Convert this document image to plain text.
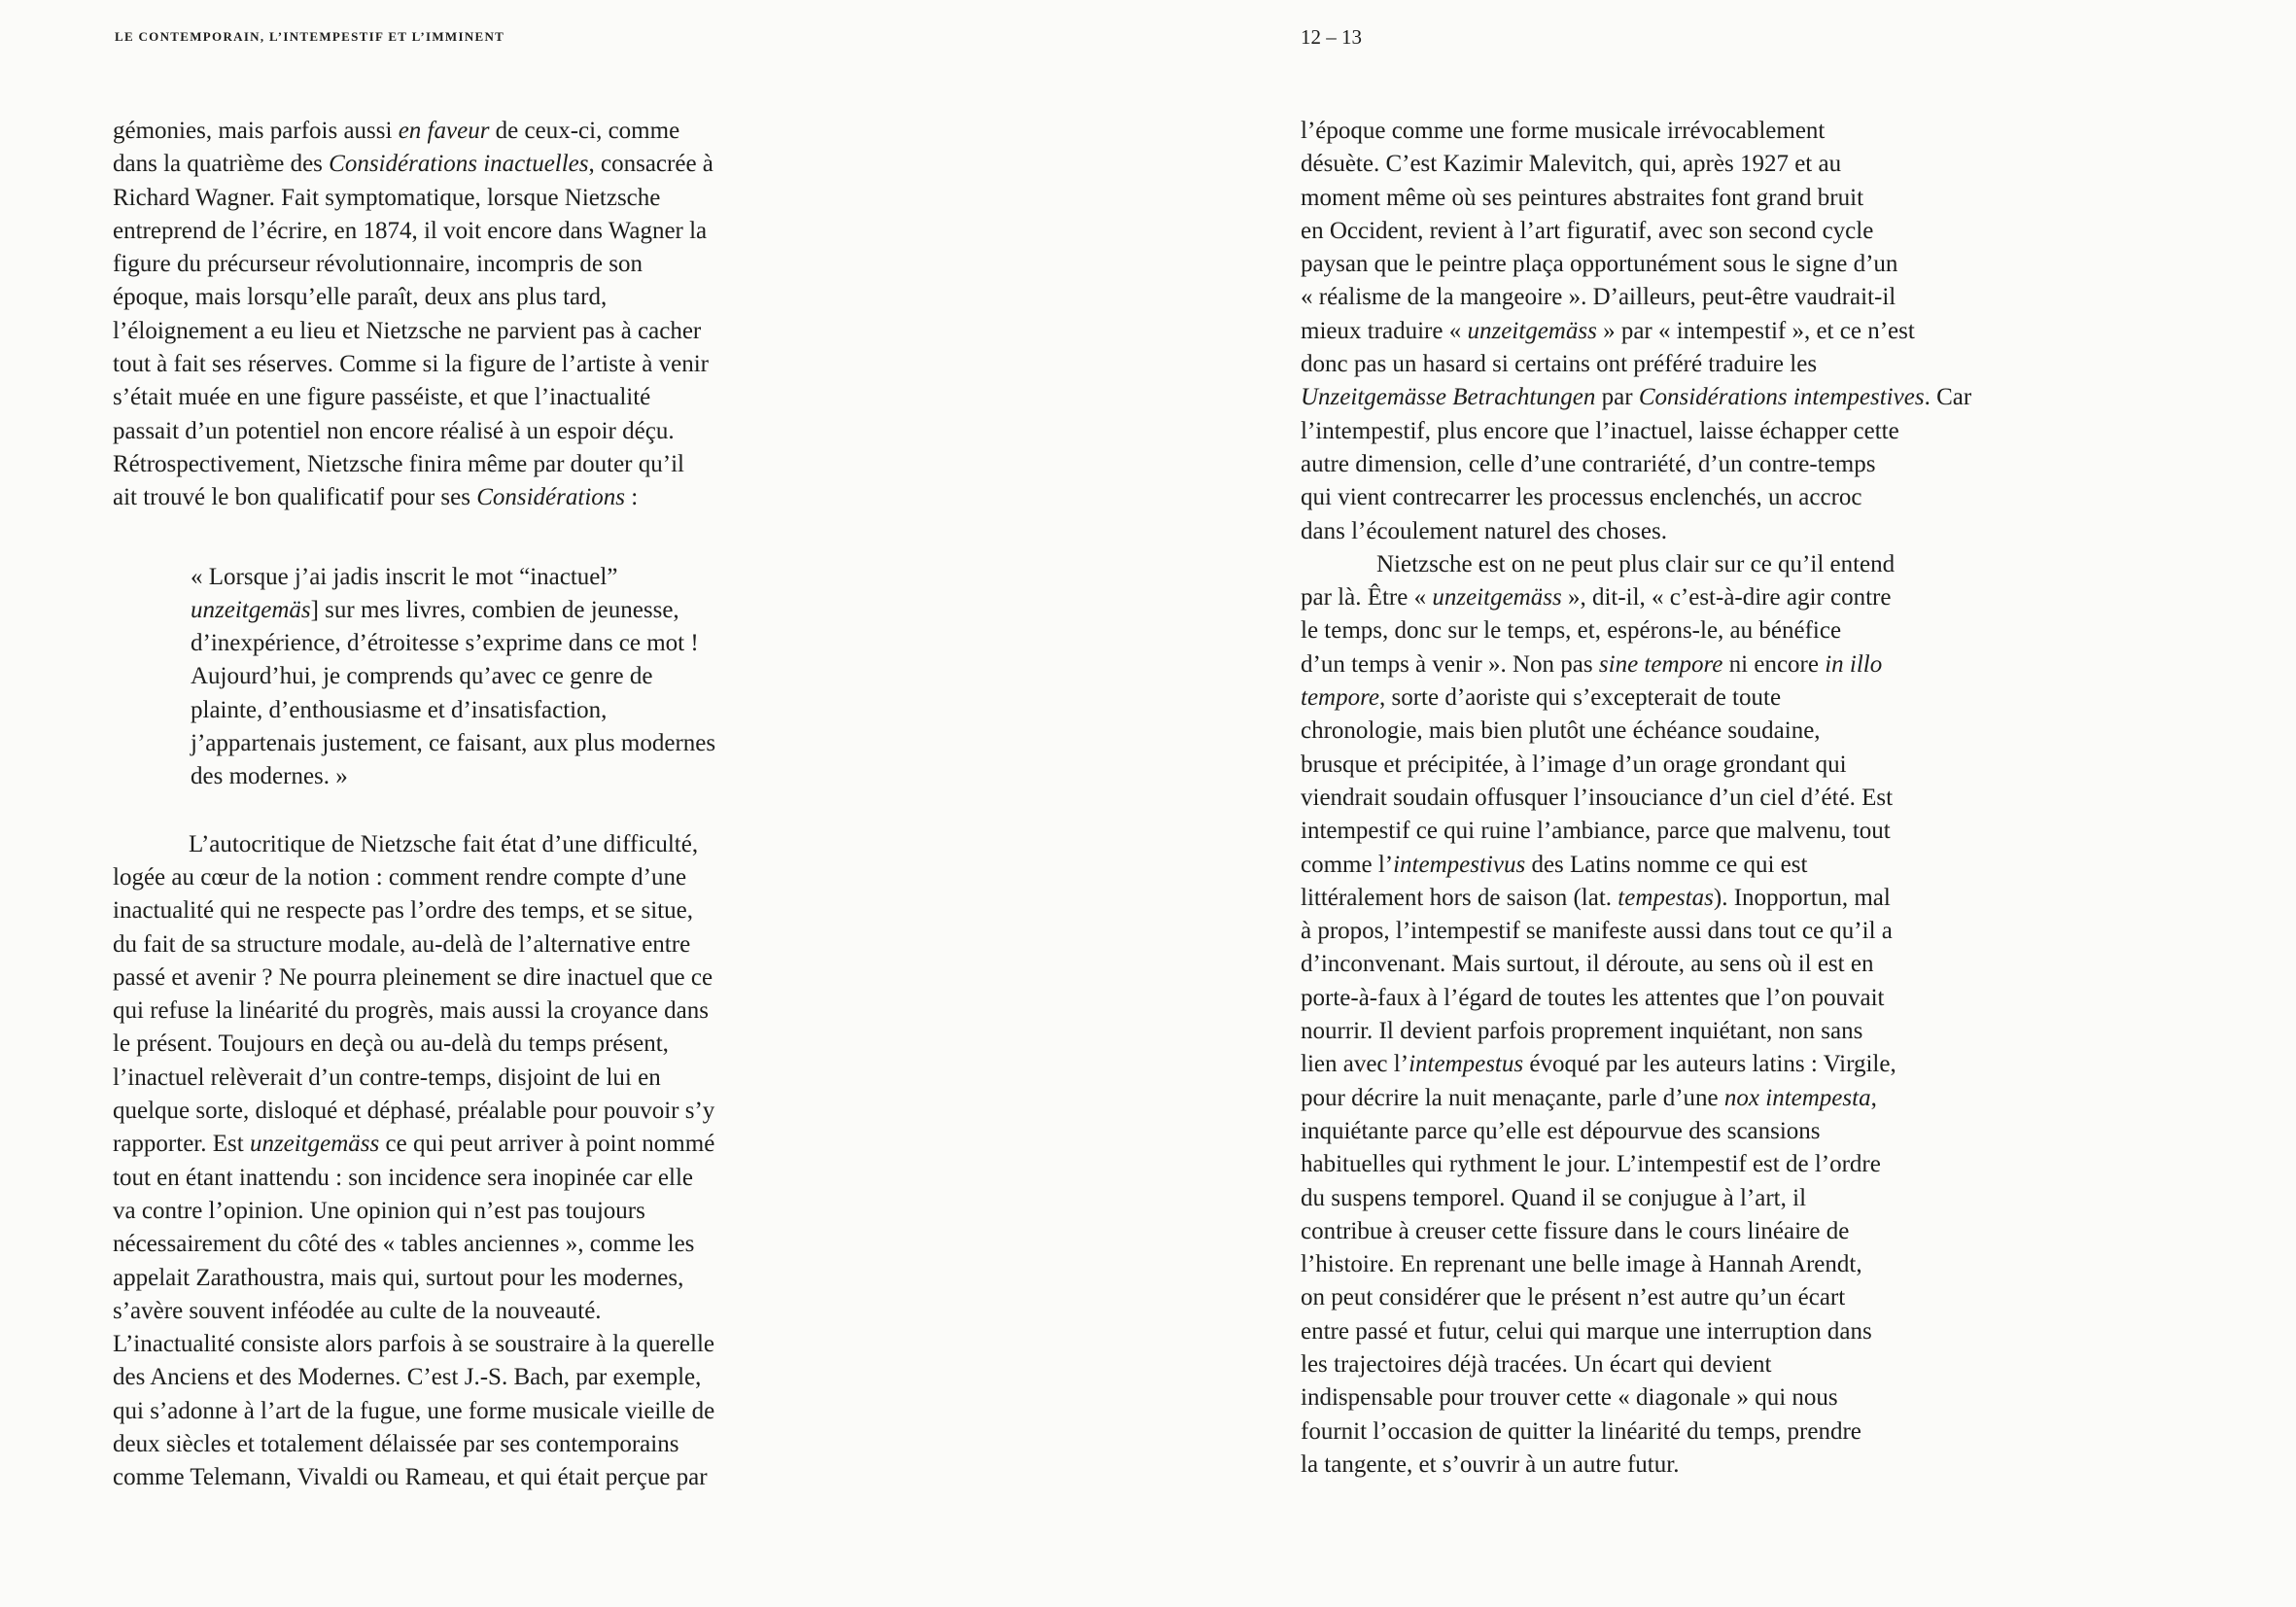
LE CONTEMPORAIN, L’INTEMPESTIF ET L’IMMINENT	12 – 13

gémonies, mais parfois aussi en faveur de ceux-ci, comme
dans la quatrième des Considérations inactuelles, consacrée à
Richard Wagner. Fait symptomatique, lorsque Nietzsche
entreprend de l’écrire, en 1874, il voit encore dans Wagner la
figure du précurseur révolutionnaire, incompris de son
époque, mais lorsqu’elle paraît, deux ans plus tard,
l’éloignement a eu lieu et Nietzsche ne parvient pas à cacher
tout à fait ses réserves. Comme si la figure de l’artiste à venir
s’était muée en une figure passéiste, et que l’inactualité
passait d’un potentiel non encore réalisé à un espoir déçu.
Rétrospectivement, Nietzsche finira même par douter qu’il
ait trouvé le bon qualificatif pour ses Considérations :

« Lorsque j’ai jadis inscrit le mot “inactuel”
unzeitgemäs] sur mes livres, combien de jeunesse,
d’inexpérience, d’étroitesse s’exprime dans ce mot !
Aujourd’hui, je comprends qu’avec ce genre de
plainte, d’enthousiasme et d’insatisfaction,
j’appartenais justement, ce faisant, aux plus modernes
des modernes. »

L’autocritique de Nietzsche fait état d’une difficulté,
logée au cœur de la notion : comment rendre compte d’une
inactualité qui ne respecte pas l’ordre des temps, et se situe,
du fait de sa structure modale, au-delà de l’alternative entre
passé et avenir ? Ne pourra pleinement se dire inactuel que ce
qui refuse la linéarité du progrès, mais aussi la croyance dans
le présent. Toujours en deçà ou au-delà du temps présent,
l’inactuel relèverait d’un contre-temps, disjoint de lui en
quelque sorte, disloqué et déphasé, préalable pour pouvoir s’y
rapporter. Est unzeitgemäss ce qui peut arriver à point nommé
tout en étant inattendu : son incidence sera inopinée car elle
va contre l’opinion. Une opinion qui n’est pas toujours
nécessairement du côté des « tables anciennes », comme les
appelait Zarathoustra, mais qui, surtout pour les modernes,
s’avère souvent inféodée au culte de la nouveauté.
L’inactualité consiste alors parfois à se soustraire à la querelle
des Anciens et des Modernes. C’est J.-S. Bach, par exemple,
qui s’adonne à l’art de la fugue, une forme musicale vieille de
deux siècles et totalement délaissée par ses contemporains
comme Telemann, Vivaldi ou Rameau, et qui était perçue par

l’époque comme une forme musicale irrévocablement
désuète. C’est Kazimir Malevitch, qui, après 1927 et au
moment même où ses peintures abstraites font grand bruit
en Occident, revient à l’art figuratif, avec son second cycle
paysan que le peintre plaça opportunément sous le signe d’un
« réalisme de la mangeoire ». D’ailleurs, peut-être vaudrait-il
mieux traduire « unzeitgemäss » par « intempestif », et ce n’est
donc pas un hasard si certains ont préféré traduire les
Unzeitgemässe Betrachtungen par Considérations intempestives. Car
l’intempestif, plus encore que l’inactuel, laisse échapper cette
autre dimension, celle d’une contrariété, d’un contre-temps
qui vient contrecarrer les processus enclenchés, un accroc
dans l’écoulement naturel des choses.

Nietzsche est on ne peut plus clair sur ce qu’il entend
par là. Être « unzeitgemäss », dit-il, « c’est-à-dire agir contre
le temps, donc sur le temps, et, espérons-le, au bénéfice
d’un temps à venir ». Non pas sine tempore ni encore in illo
tempore, sorte d’aoriste qui s’excepterait de toute
chronologie, mais bien plutôt une échéance soudaine,
brusque et précipitée, à l’image d’un orage grondant qui
viendrait soudain offusquer l’insouciance d’un ciel d’été. Est
intempestif ce qui ruine l’ambiance, parce que malvenu, tout
comme l’intempestivus des Latins nomme ce qui est
littéralement hors de saison (lat. tempestas). Inopportun, mal
à propos, l’intempestif se manifeste aussi dans tout ce qu’il a
d’inconvenant. Mais surtout, il déroute, au sens où il est en
porte-à-faux à l’égard de toutes les attentes que l’on pouvait
nourrir. Il devient parfois proprement inquiétant, non sans
lien avec l’intempestus évoqué par les auteurs latins : Virgile,
pour décrire la nuit menaçante, parle d’une nox intempesta,
inquiétante parce qu’elle est dépourvue des scansions
habituelles qui rythment le jour. L’intempestif est de l’ordre
du suspens temporel. Quand il se conjugue à l’art, il
contribue à creuser cette fissure dans le cours linéaire de
l’histoire. En reprenant une belle image à Hannah Arendt,
on peut considérer que le présent n’est autre qu’un écart
entre passé et futur, celui qui marque une interruption dans
les trajectoires déjà tracées. Un écart qui devient
indispensable pour trouver cette « diagonale » qui nous
fournit l’occasion de quitter la linéarité du temps, prendre
la tangente, et s’ouvrir à un autre futur.
